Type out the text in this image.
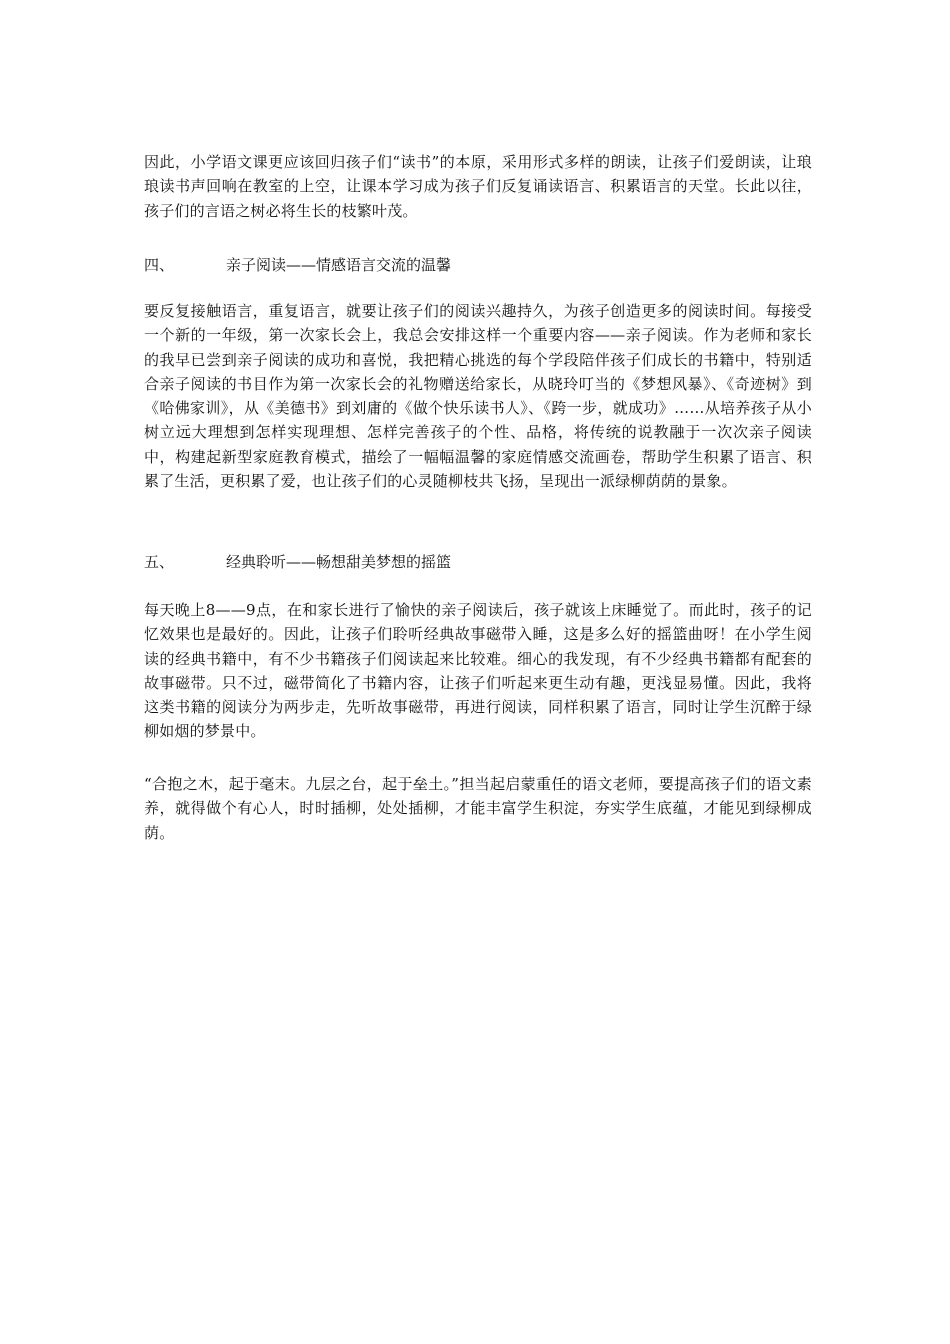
因此，小学语文课更应该回归孩子们“读书”的本原，采用形式多样的朗读，让孩子们爱朗读，让琅琅读书声回响在教室的上空，让课本学习成为孩子们反复诵读语言、积累语言的天堂。长此以往，孩子们的言语之树必将生长的枝繁叶茂。

四、	亲子阅读——情感语言交流的温馨

要反复接触语言，重复语言，就要让孩子们的阅读兴趣持久，为孩子创造更多的阅读时间。每接受一个新的一年级，第一次家长会上，我总会安排这样一个重要内容——亲子阅读。作为老师和家长的我早已尝到亲子阅读的成功和喜悦，我把精心挑选的每个学段陪伴孩子们成长的书籍中，特别适合亲子阅读的书目作为第一次家长会的礼物赠送给家长，从晓玲叮当的《梦想风暴》、《奇迹树》到《哈佛家训》，从《美德书》到刘庸的《做个快乐读书人》、《跨一步，就成功》……从培养孩子从小树立远大理想到怎样实现理想、怎样完善孩子的个性、品格，将传统的说教融于一次次亲子阅读中，构建起新型家庭教育模式，描绘了一幅幅温馨的家庭情感交流画卷，帮助学生积累了语言、积累了生活，更积累了爱，也让孩子们的心灵随柳枝共飞扬，呈现出一派绿柳荫荫的景象。

五、	经典聆听——畅想甜美梦想的摇篮

每天晚上8——9点，在和家长进行了愉快的亲子阅读后，孩子就该上床睡觉了。而此时，孩子的记忆效果也是最好的。因此，让孩子们聆听经典故事磁带入睡，这是多么好的摇篮曲呀！在小学生阅读的经典书籍中，有不少书籍孩子们阅读起来比较难。细心的我发现，有不少经典书籍都有配套的故事磁带。只不过，磁带简化了书籍内容，让孩子们听起来更生动有趣，更浅显易懂。因此，我将这类书籍的阅读分为两步走，先听故事磁带，再进行阅读，同样积累了语言，同时让学生沉醉于绿柳如烟的梦景中。

“合抱之木，起于毫末。九层之台，起于垒土。”担当起启蒙重任的语文老师，要提高孩子们的语文素养，就得做个有心人，时时插柳，处处插柳，才能丰富学生积淀，夯实学生底蕴，才能见到绿柳成荫。
